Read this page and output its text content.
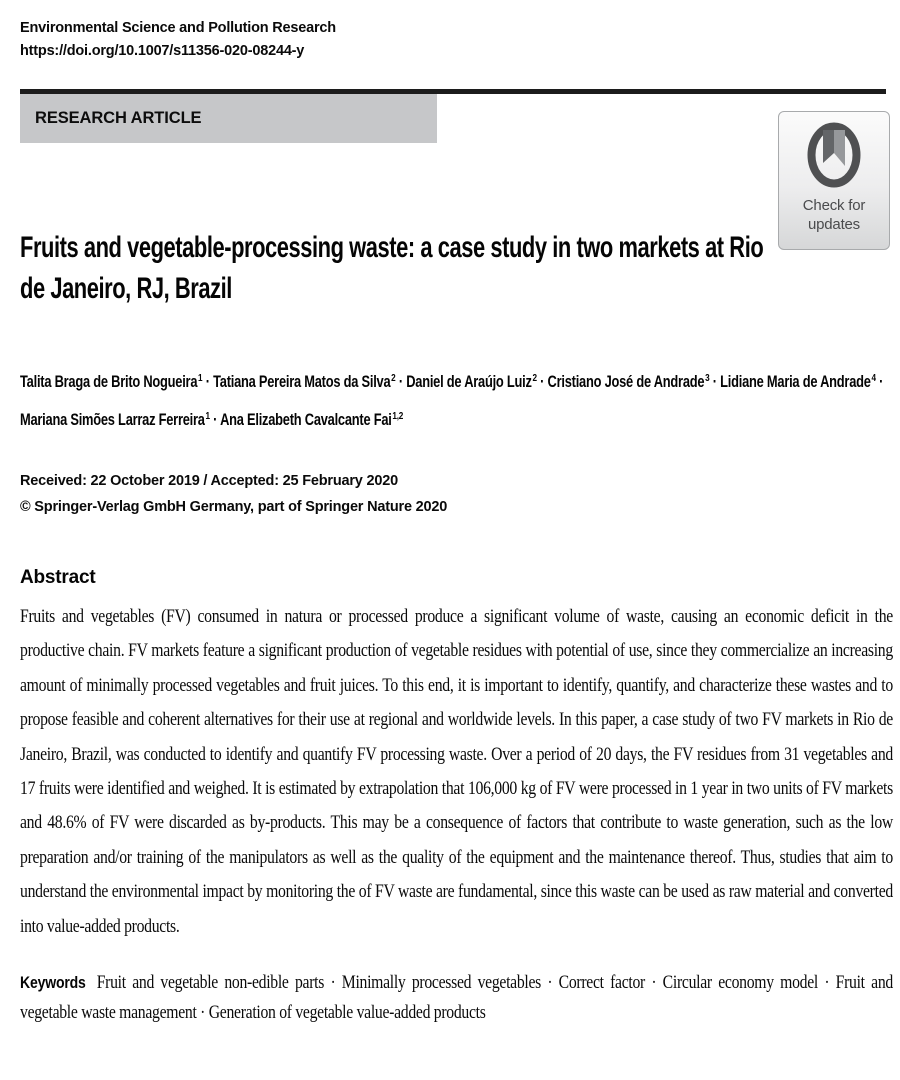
Environmental Science and Pollution Research
https://doi.org/10.1007/s11356-020-08244-y
RESEARCH ARTICLE
Check for
updates
Fruits and vegetable-processing waste: a case study in two markets at Rio de Janeiro, RJ, Brazil
Talita Braga de Brito Nogueira$^1$ · Tatiana Pereira Matos da Silva$^2$ · Daniel de Araújo Luiz$^2$ · Cristiano José de Andrade$^3$ · Lidiane Maria de Andrade$^4$ · Mariana Simões Larraz Ferreira$^1$ · Ana Elizabeth Cavalcante Fai$^{1,2}$
Received: 22 October 2019 / Accepted: 25 February 2020
© Springer-Verlag GmbH Germany, part of Springer Nature 2020
Abstract

Fruits and vegetables (FV) consumed in natura or processed produce a significant volume of waste, causing an economic deficit in the productive chain. FV markets feature a significant production of vegetable residues with potential of use, since they commercialize an increasing amount of minimally processed vegetables and fruit juices. To this end, it is important to identify, quantify, and characterize these wastes and to propose feasible and coherent alternatives for their use at regional and worldwide levels. In this paper, a case study of two FV markets in Rio de Janeiro, Brazil, was conducted to identify and quantify FV processing waste. Over a period of 20 days, the FV residues from 31 vegetables and 17 fruits were identified and weighed. It is estimated by extrapolation that 106,000 kg of FV were processed in 1 year in two units of FV markets and 48.6% of FV were discarded as by-products. This may be a consequence of factors that contribute to waste generation, such as the low preparation and/or training of the manipulators as well as the quality of the equipment and the maintenance thereof. Thus, studies that aim to understand the environmental impact by monitoring the of FV waste are fundamental, since this waste can be used as raw material and converted into value-added products.

Keywords Fruit and vegetable non-edible parts · Minimally processed vegetables · Correct factor · Circular economy model · Fruit and vegetable waste management · Generation of vegetable value-added products
